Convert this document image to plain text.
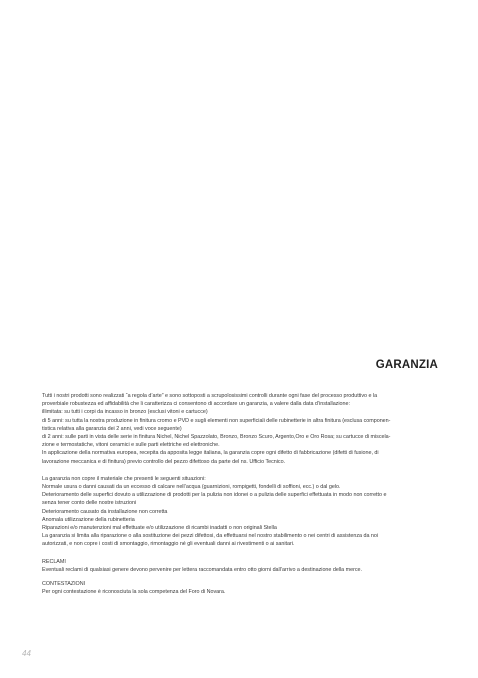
GARANZIA

Tutti i nostri prodotti sono realizzati “a regola d’arte” e sono sottoposti a scrupolosissimi controlli durante ogni fase del processo produttivo e la

proverbiale robustezza ed affidabilità che li caratterizza ci consentono di accordare un garanzia, a valere dalla data d’installazione:

illimitata: su tutti i corpi da incasso in bronzo (esclusi vitoni e cartucce)

di 5 anni: su tutta la nostra produzione in finitura cromo e PVD e sugli elementi non superficiali delle rubinetterie in altra finitura (esclusa componen-

tistica relativa alla garanzia dei 2 anni, vedi voce seguente)

di 2 anni: sulle parti in vista delle serie in finitura Nichel, Nichel Spazzolato, Bronzo, Bronzo Scuro, Argento,Oro e Oro Rosa; su cartucce di miscela-

zione e termostatiche, vitoni ceramici e sulle parti elettriche ed elettroniche.

In applicazione della normativa europea, recepita da apposita legge italiana, la garanzia copre ogni difetto di fabbricazione (difetti di fusione, di

lavorazione meccanica e di finitura) previo controllo del pezzo difettoso da parte del ns. Ufficio Tecnico.

La garanzia non copre il materiale che presenti le seguenti situazioni:

Normale usura o danni causati da un eccesso di calcare nell’acqua (guarnizioni, rompigetti, fondelli di soffioni, ecc.) o dal gelo.

Deterioramento delle superfici dovuto a utilizzazione di prodotti per la pulizia non idonei o a pulizia delle superfici effettuata in modo non corretto e

senza tener conto delle nostre istruzioni

Deterioramento causato da installazione non corretta

Anomala utilizzazione della rubinetteria

Riparazioni e/o manutenzioni mal effettuate e/o utilizzazione di ricambi inadatti o non originali Stella

La garanzia si limita alla riparazione o alla sostituzione dei pezzi difettosi, da effettuarsi nel nostro stabilimento o nei centri di assistenza da noi

autorizzati, e non copre i costi di smontaggio, rimontaggio né gli eventuali danni ai rivestimenti o ai sanitari.

RECLAMI

Eventuali reclami di qualsiasi genere devono pervenire per lettera raccomandata entro otto giorni dall’arrivo a destinazione della merce.

CONTESTAZIONI

Per ogni contestazione è riconosciuta la sola competenza del Foro di Novara.

44
